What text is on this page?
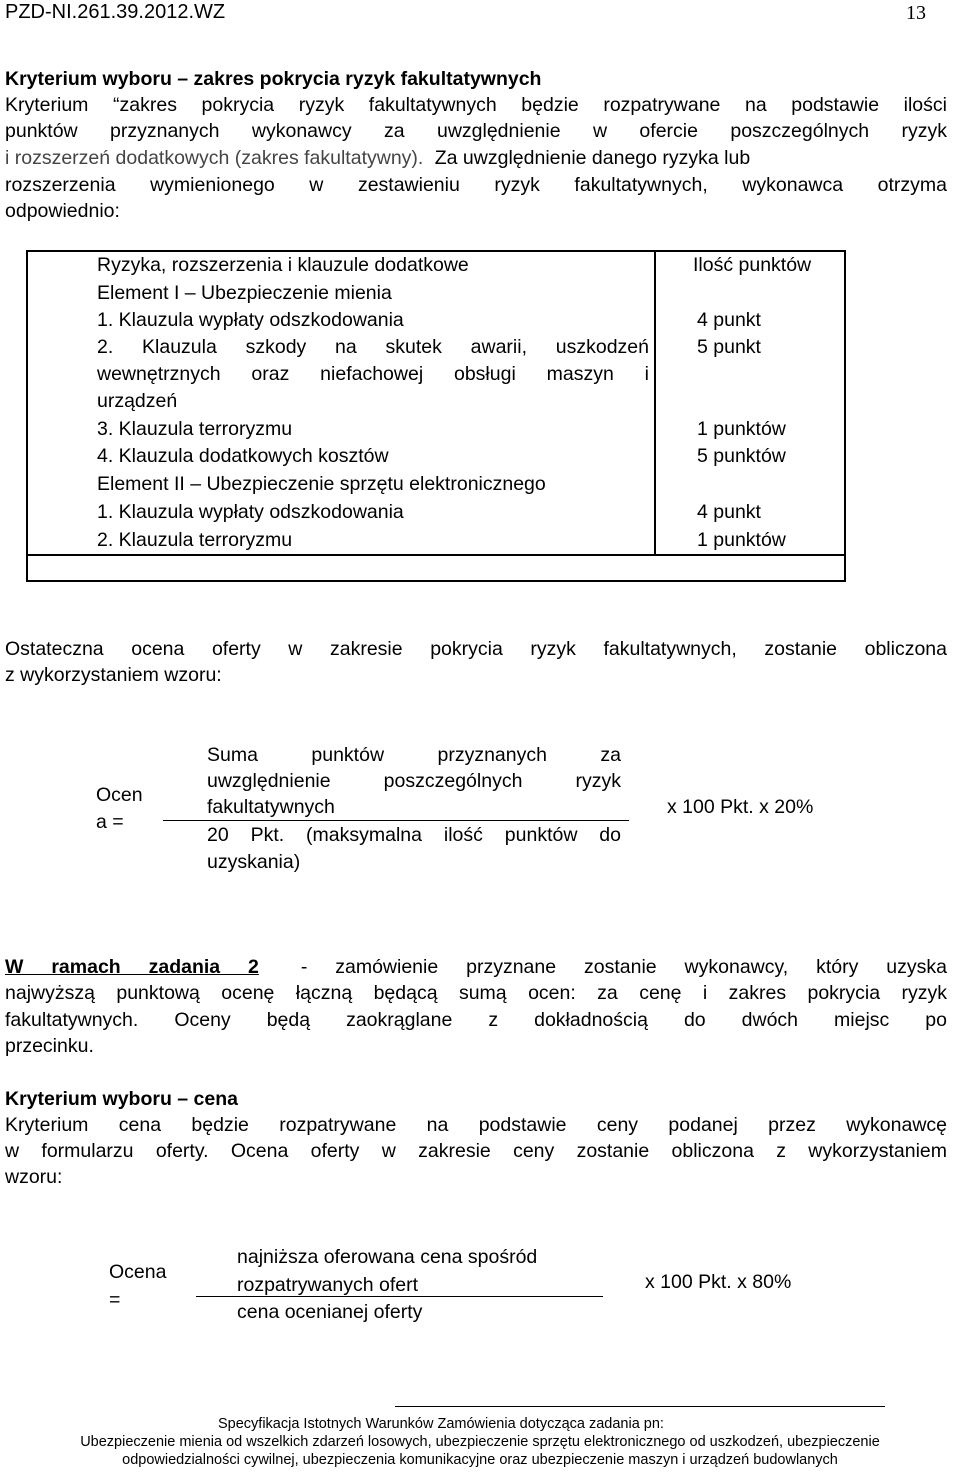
PZD-NI.261.39.2012.WZ	13
Kryterium wyboru – zakres pokrycia ryzyk fakultatywnych
Kryterium “zakres pokrycia ryzyk fakultatywnych będzie rozpatrywane na podstawie ilości
punktów przyznanych wykonawcy za uwzględnienie w ofercie poszczególnych ryzyk
i rozszerzeń dodatkowych (zakres fakultatywny). Za uwzględnienie danego ryzyka lub
rozszerzenia wymienionego w zestawieniu ryzyk fakultatywnych, wykonawca otrzyma
odpowiednio:
Ryzyka, rozszerzenia i klauzule dodatkowe	Ilość punktów
Element I – Ubezpieczenie mienia
1. Klauzula wypłaty odszkodowania	4 punkt
2. Klauzula szkody na skutek awarii, uszkodzeń
wewnętrznych oraz niefachowej obsługi maszyn i
urządzeń
5 punkt
3. Klauzula terroryzmu	1 punktów
4. Klauzula dodatkowych kosztów	5 punktów
Element II – Ubezpieczenie sprzętu elektronicznego
1. Klauzula wypłaty odszkodowania	4 punkt
2. Klauzula terroryzmu	1 punktów
Ostateczna ocena oferty w zakresie pokrycia ryzyk fakultatywnych, zostanie obliczona
z wykorzystaniem wzoru:
Ocen
a =
Suma punktów przyznanych za
uwzględnienie poszczególnych ryzyk
fakultatywnych
20 Pkt. (maksymalna ilość punktów do
uzyskania)
x 100 Pkt. x 20%
W ramach zadania 2 - zamówienie przyznane zostanie wykonawcy, który uzyska
najwyższą punktową ocenę łączną będącą sumą ocen: za cenę i zakres pokrycia ryzyk
fakultatywnych. Oceny będą zaokrąglane z dokładnością do dwóch miejsc po
przecinku.
Kryterium wyboru – cena
Kryterium cena będzie rozpatrywane na podstawie ceny podanej przez wykonawcę
w formularzu oferty. Ocena oferty w zakresie ceny zostanie obliczona z wykorzystaniem
wzoru:
Ocena
=
najniższa oferowana cena spośród
rozpatrywanych ofert
cena ocenianej oferty
x 100 Pkt. x 80%
Specyfikacja Istotnych Warunków Zamówienia dotycząca zadania pn:
Ubezpieczenie mienia od wszelkich zdarzeń losowych, ubezpieczenie sprzętu elektronicznego od uszkodzeń, ubezpieczenie
odpowiedzialności cywilnej, ubezpieczenia komunikacyjne oraz ubezpieczenie maszyn i urządzeń budowlanych
